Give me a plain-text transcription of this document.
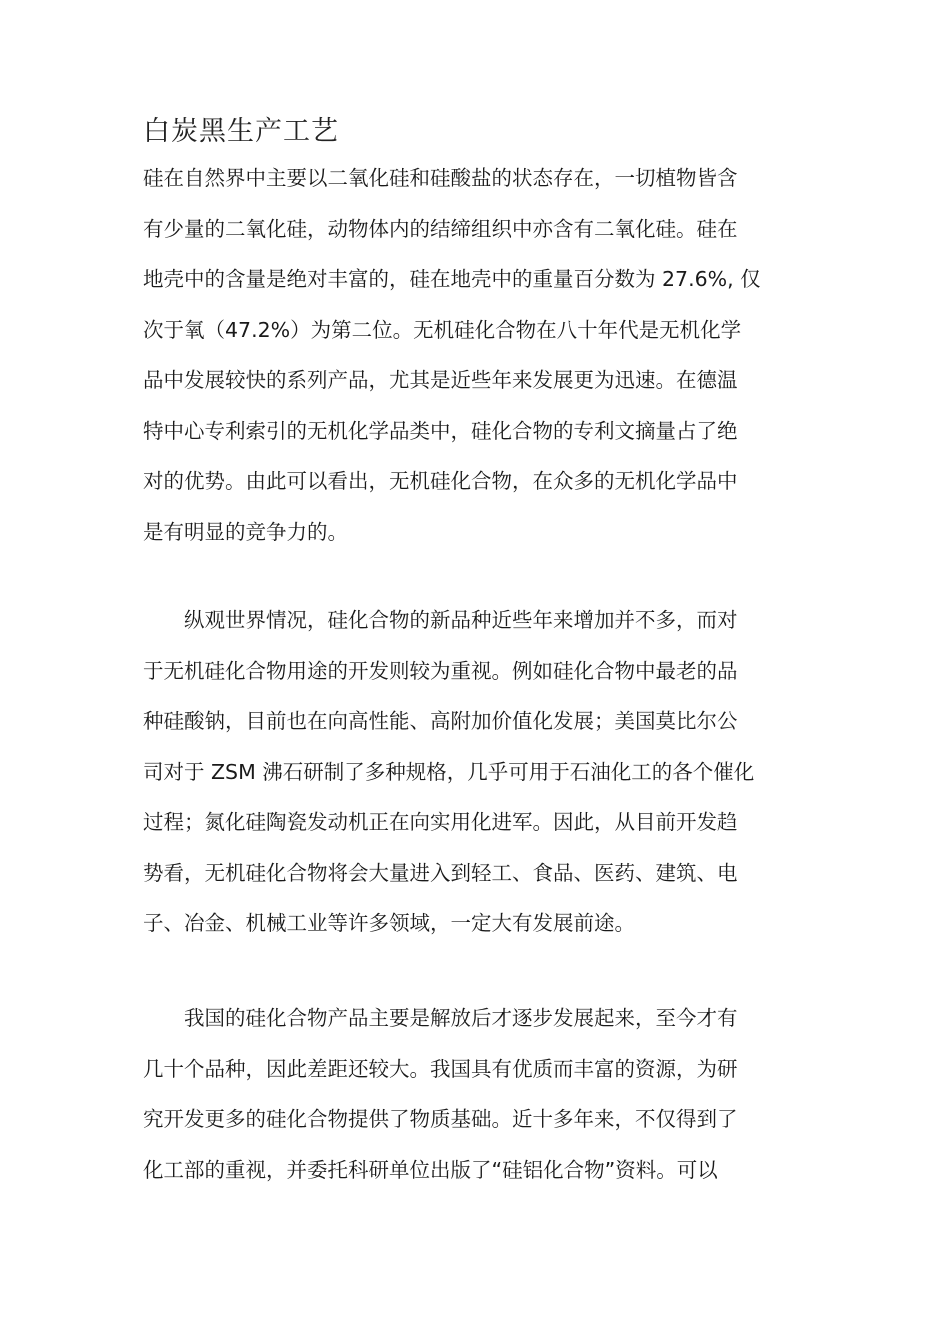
白炭黑生产工艺
硅在自然界中主要以二氧化硅和硅酸盐的状态存在，一切植物皆含
有少量的二氧化硅，动物体内的结缔组织中亦含有二氧化硅。硅在
地壳中的含量是绝对丰富的，硅在地壳中的重量百分数为 27.6%, 仅
次于氧（47.2%）为第二位。无机硅化合物在八十年代是无机化学
品中发展较快的系列产品，尤其是近些年来发展更为迅速。在德温
特中心专利索引的无机化学品类中，硅化合物的专利文摘量占了绝
对的优势。由此可以看出，无机硅化合物，在众多的无机化学品中
是有明显的竞争力的。
　　纵观世界情况，硅化合物的新品种近些年来增加并不多，而对
于无机硅化合物用途的开发则较为重视。例如硅化合物中最老的品
种硅酸钠，目前也在向高性能、高附加价值化发展；美国莫比尔公
司对于 ZSM 沸石研制了多种规格，几乎可用于石油化工的各个催化
过程；氮化硅陶瓷发动机正在向实用化进军。因此，从目前开发趋
势看，无机硅化合物将会大量进入到轻工、食品、医药、建筑、电
子、冶金、机械工业等许多领域，一定大有发展前途。
　　我国的硅化合物产品主要是解放后才逐步发展起来，至今才有
几十个品种，因此差距还较大。我国具有优质而丰富的资源，为研
究开发更多的硅化合物提供了物质基础。近十多年来，不仅得到了
化工部的重视，并委托科研单位出版了“硅铝化合物”资料。可以
